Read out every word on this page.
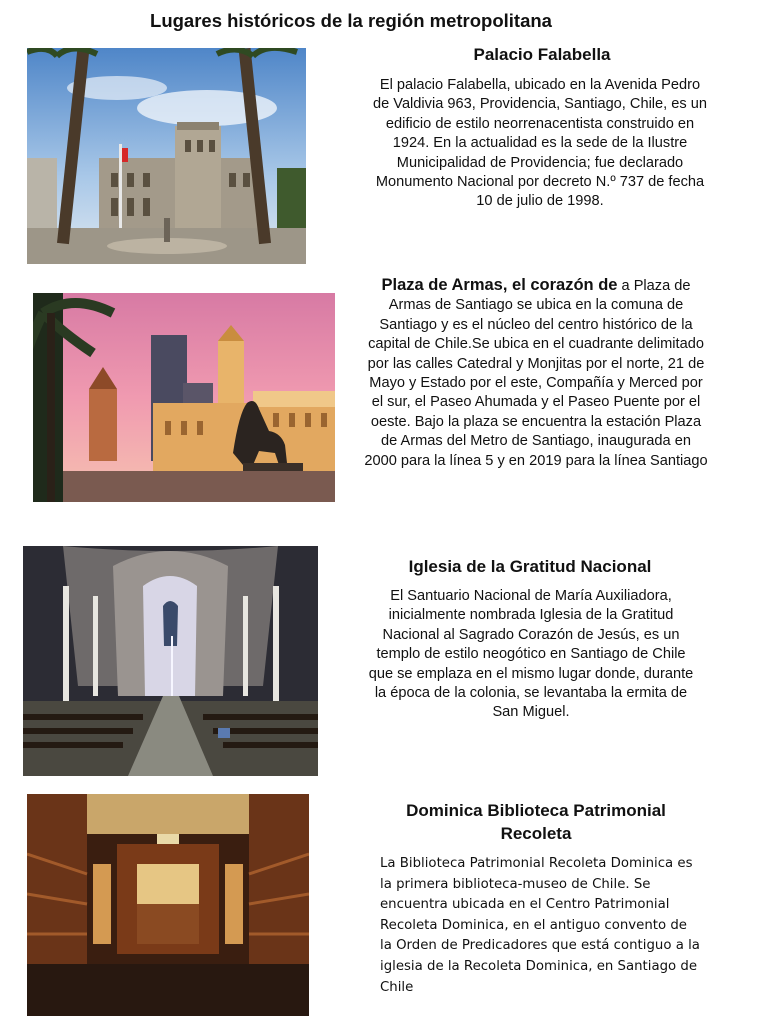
Lugares históricos de la región metropolitana
Palacio Falabella
El palacio Falabella, ubicado en la Avenida Pedro de Valdivia 963, Providencia, Santiago, Chile, es un edificio de estilo neorrenacentista construido en 1924. En la actualidad es la sede de la Ilustre Municipalidad de Providencia; fue declarado Monumento Nacional por decreto N.º 737 de fecha 10 de julio de 1998.
Plaza de Armas, el corazón de a Plaza de Armas de Santiago se ubica en la comuna de Santiago y es el núcleo del centro histórico de la capital de Chile.Se ubica en el cuadrante delimitado por las calles Catedral y Monjitas por el norte, 21 de Mayo y Estado por el este, Compañía y Merced por el sur, el Paseo Ahumada y el Paseo Puente por el oeste. Bajo la plaza se encuentra la estación Plaza de Armas del Metro de Santiago, inaugurada en 2000 para la línea 5 y en 2019 para la línea Santiago
Iglesia de la Gratitud Nacional
El Santuario Nacional de María Auxiliadora, inicialmente nombrada Iglesia de la Gratitud Nacional al Sagrado Corazón de Jesús, es un templo de estilo neogótico en Santiago de Chile que se emplaza en el mismo lugar donde, durante la época de la colonia, se levantaba la ermita de San Miguel.
Dominica Biblioteca Patrimonial Recoleta
La Biblioteca Patrimonial Recoleta Dominica es la primera biblioteca-museo de Chile. Se encuentra ubicada en el Centro Patrimonial Recoleta Dominica, en el antiguo convento de la Orden de Predicadores que está contiguo a la iglesia de la Recoleta Dominica, en Santiago de Chile
